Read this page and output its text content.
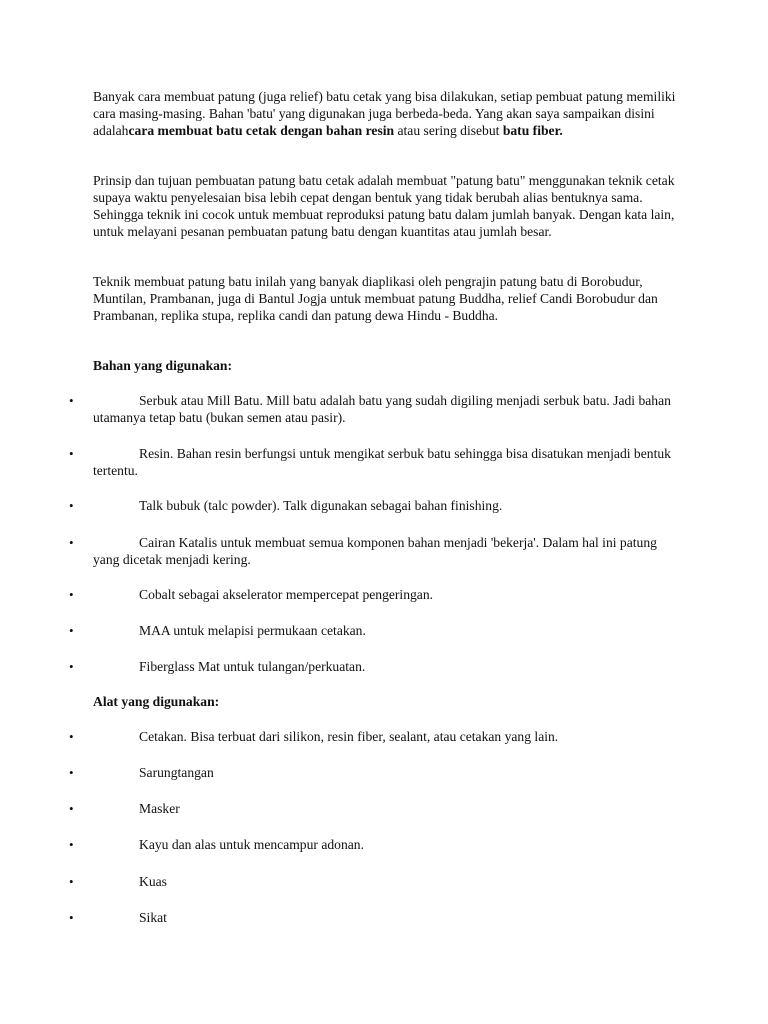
Banyak cara membuat patung (juga relief) batu cetak yang bisa dilakukan, setiap pembuat patung memiliki cara masing-masing. Bahan 'batu' yang digunakan juga berbeda-beda. Yang akan saya sampaikan disini adalahcara membuat batu cetak dengan bahan resin atau sering disebut batu fiber.

Prinsip dan tujuan pembuatan patung batu cetak adalah membuat "patung batu" menggunakan teknik cetak supaya waktu penyelesaian bisa lebih cepat dengan bentuk yang tidak berubah alias bentuknya sama. Sehingga teknik ini cocok untuk membuat reproduksi patung batu dalam jumlah banyak. Dengan kata lain, untuk melayani pesanan pembuatan patung batu dengan kuantitas atau jumlah besar.

Teknik membuat patung batu inilah yang banyak diaplikasi oleh pengrajin patung batu di Borobudur, Muntilan, Prambanan, juga di Bantul Jogja untuk membuat patung Buddha, relief Candi Borobudur dan Prambanan, replika stupa, replika candi dan patung dewa Hindu - Buddha.

Bahan yang digunakan:

•	Serbuk atau Mill Batu. Mill batu adalah batu yang sudah digiling menjadi serbuk batu. Jadi bahan utamanya tetap batu (bukan semen atau pasir).

•	Resin. Bahan resin berfungsi untuk mengikat serbuk batu sehingga bisa disatukan menjadi bentuk tertentu.

•	Talk bubuk (talc powder). Talk digunakan sebagai bahan finishing.

•	Cairan Katalis untuk membuat semua komponen bahan menjadi 'bekerja'. Dalam hal ini patung yang dicetak menjadi kering.

•	Cobalt sebagai akselerator mempercepat pengeringan.

•	MAA untuk melapisi permukaan cetakan.

•	Fiberglass Mat untuk tulangan/perkuatan.

Alat yang digunakan:

•	Cetakan. Bisa terbuat dari silikon, resin fiber, sealant, atau cetakan yang lain.

•	Sarungtangan

•	Masker

•	Kayu dan alas untuk mencampur adonan.

•	Kuas

•	Sikat
